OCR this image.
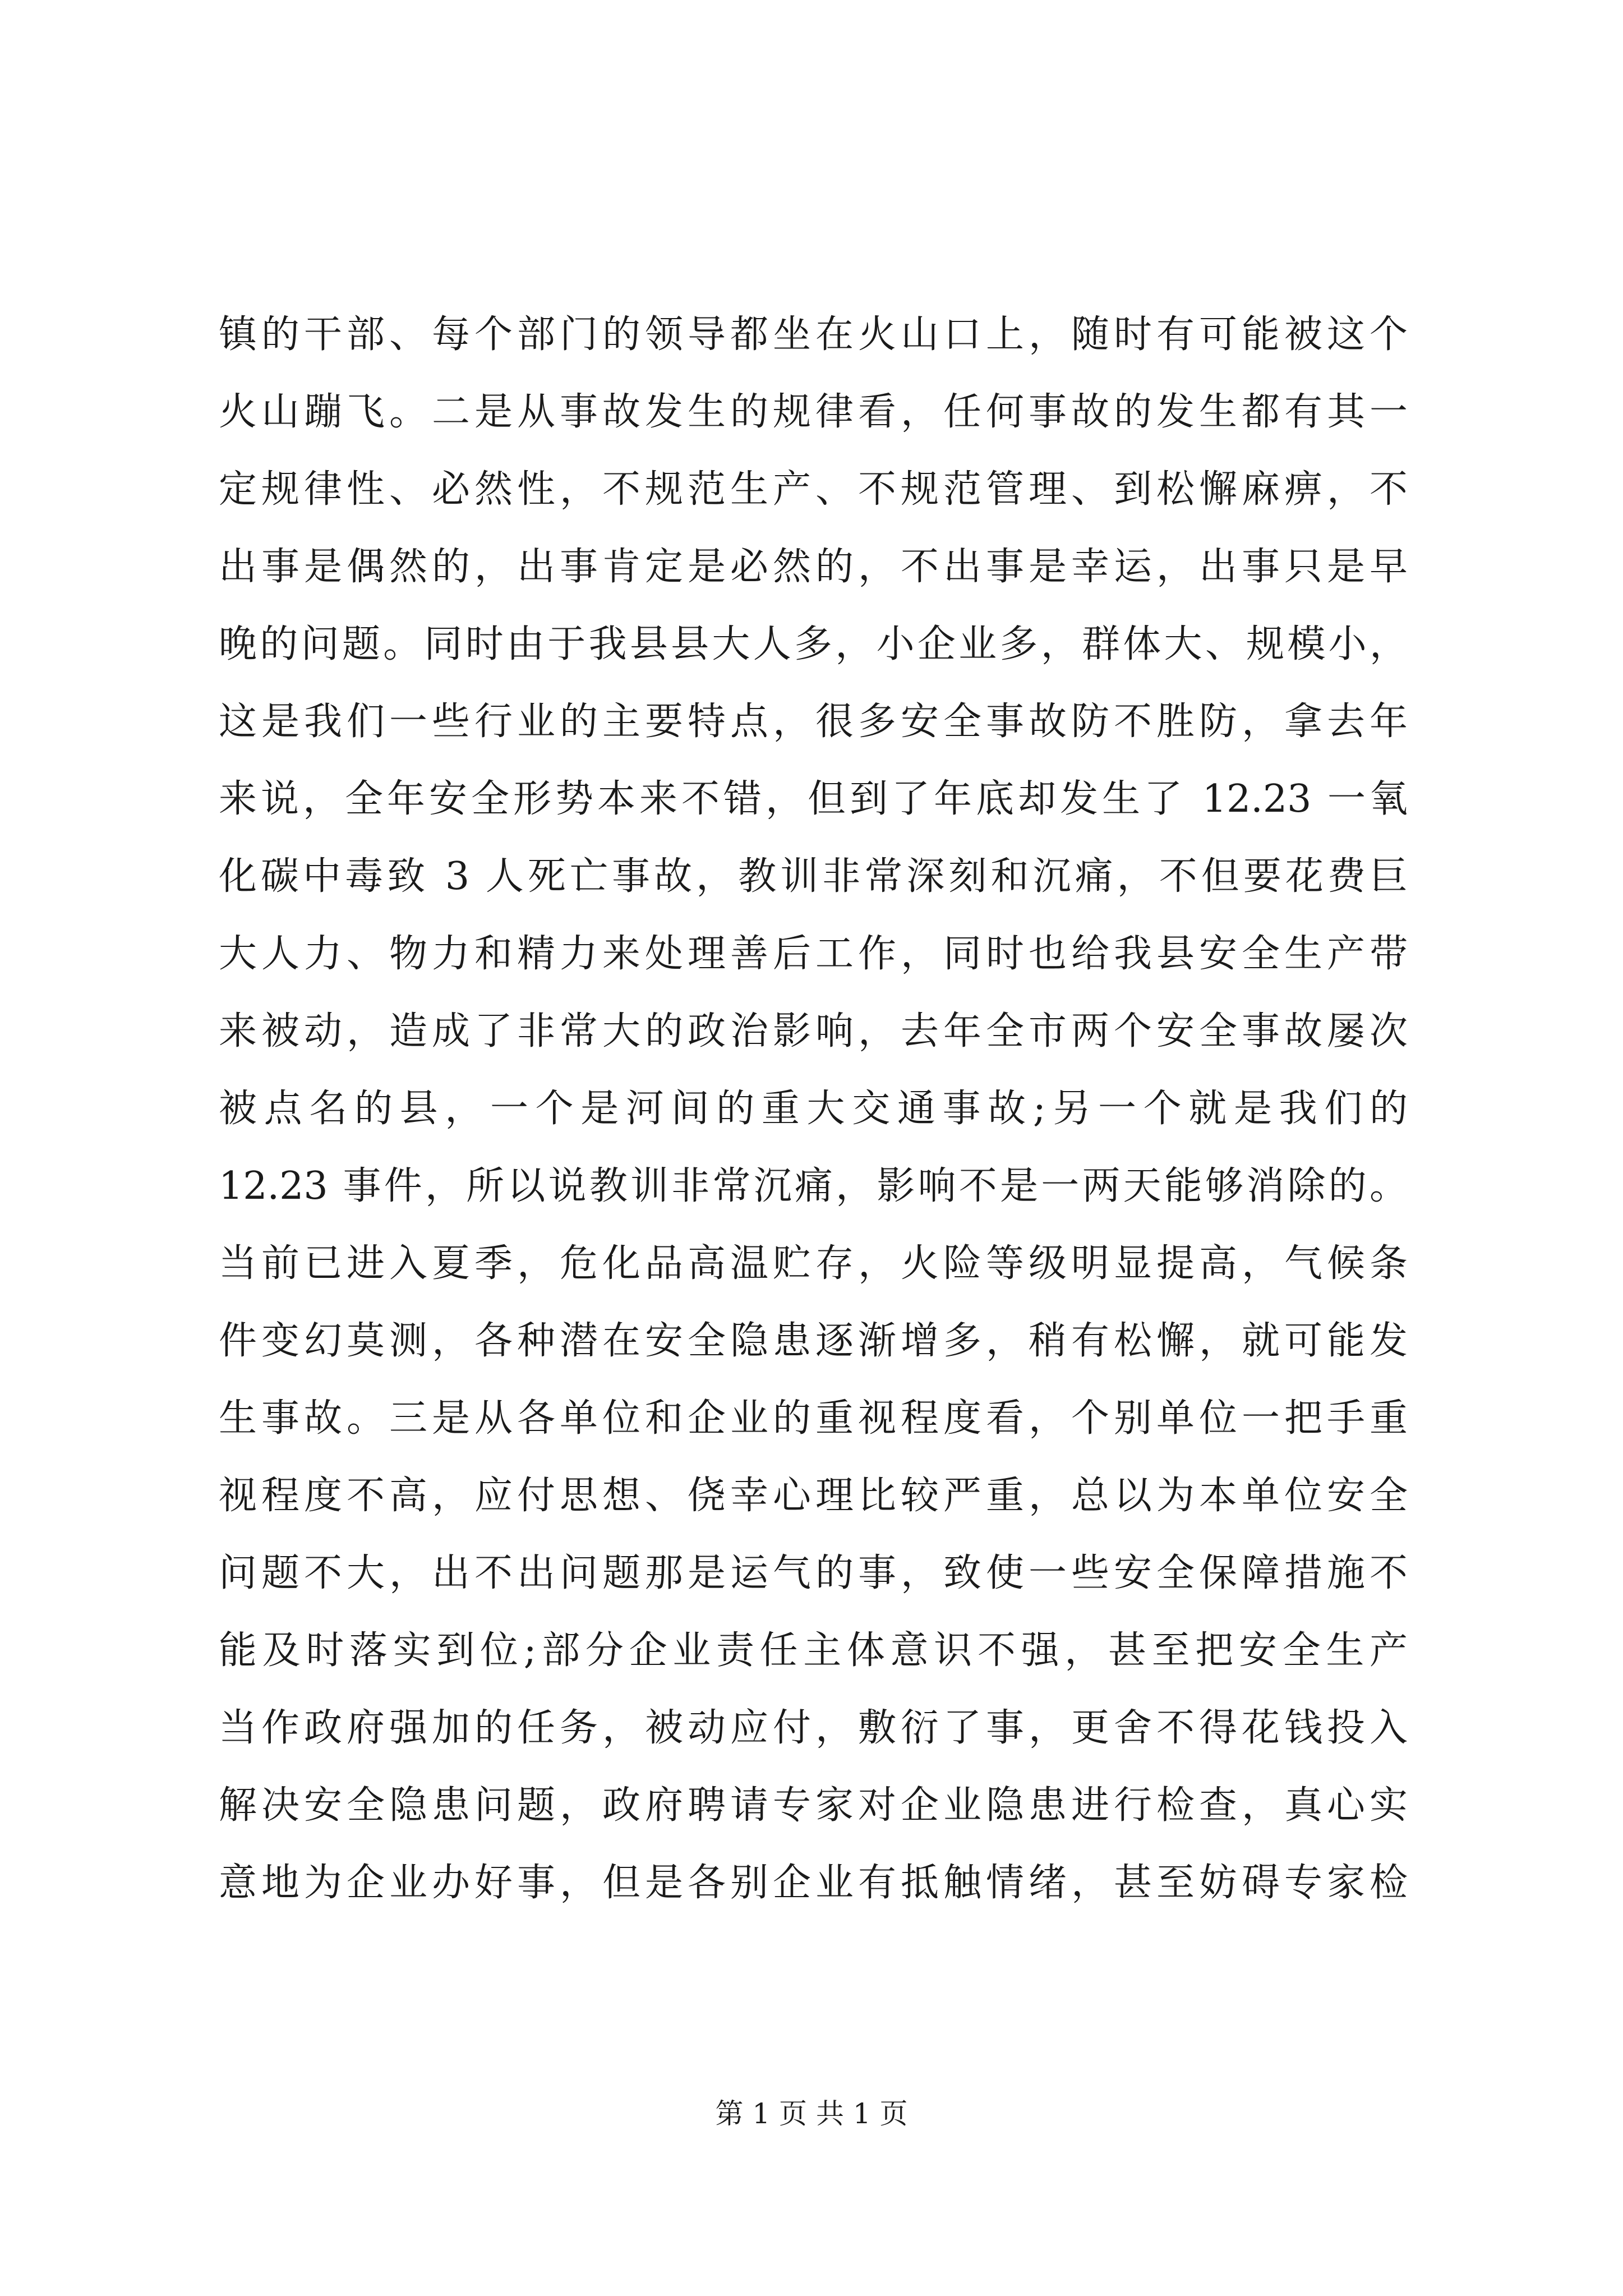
镇的干部、每个部门的领导都坐在火山口上，随时有可能被这个
火山蹦飞。二是从事故发生的规律看，任何事故的发生都有其一
定规律性、必然性，不规范生产、不规范管理、到松懈麻痹，不
出事是偶然的，出事肯定是必然的，不出事是幸运，出事只是早
晚的问题。同时由于我县县大人多，小企业多，群体大、规模小，
这是我们一些行业的主要特点，很多安全事故防不胜防，拿去年
来说，全年安全形势本来不错，但到了年底却发生了 12.23 一氧
化碳中毒致 3 人死亡事故，教训非常深刻和沉痛，不但要花费巨
大人力、物力和精力来处理善后工作，同时也给我县安全生产带
来被动，造成了非常大的政治影响，去年全市两个安全事故屡次
被点名的县，一个是河间的重大交通事故;另一个就是我们的
12.23 事件，所以说教训非常沉痛，影响不是一两天能够消除的。
当前已进入夏季，危化品高温贮存，火险等级明显提高，气候条
件变幻莫测，各种潜在安全隐患逐渐增多，稍有松懈，就可能发
生事故。三是从各单位和企业的重视程度看，个别单位一把手重
视程度不高，应付思想、侥幸心理比较严重，总以为本单位安全
问题不大，出不出问题那是运气的事，致使一些安全保障措施不
能及时落实到位;部分企业责任主体意识不强，甚至把安全生产
当作政府强加的任务，被动应付，敷衍了事，更舍不得花钱投入
解决安全隐患问题，政府聘请专家对企业隐患进行检查，真心实
意地为企业办好事，但是各别企业有抵触情绪，甚至妨碍专家检
第 1 页 共 1 页
